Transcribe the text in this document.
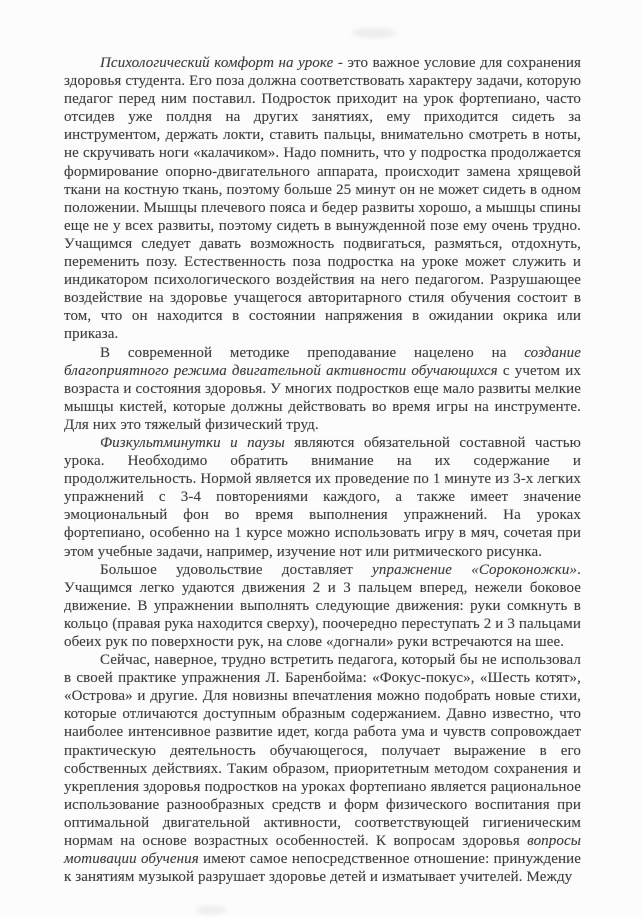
Психологический комфорт на уроке - это важное условие для сохранения здоровья студента. Его поза должна соответствовать характеру задачи, которую педагог перед ним поставил. Подросток приходит на урок фортепиано, часто отсидев уже полдня на других занятиях, ему приходится сидеть за инструментом, держать локти, ставить пальцы, внимательно смотреть в ноты, не скручивать ноги «калачиком». Надо помнить, что у подростка продолжается формирование опорно-двигательного аппарата, происходит замена хрящевой ткани на костную ткань, поэтому больше 25 минут он не может сидеть в одном положении. Мышцы плечевого пояса и бедер развиты хорошо, а мышцы спины еще не у всех развиты, поэтому сидеть в вынужденной позе ему очень трудно. Учащимся следует давать возможность подвигаться, размяться, отдохнуть, переменить позу. Естественность поза подростка на уроке может служить и индикатором психологического воздействия на него педагогом. Разрушающее воздействие на здоровье учащегося авторитарного стиля обучения состоит в том, что он находится в состоянии напряжения в ожидании окрика или приказа.

В современной методике преподавание нацелено на создание благоприятного режима двигательной активности обучающихся с учетом их возраста и состояния здоровья. У многих подростков еще мало развиты мелкие мышцы кистей, которые должны действовать во время игры на инструменте. Для них это тяжелый физический труд.

Физкультминутки и паузы являются обязательной составной частью урока. Необходимо обратить внимание на их содержание и продолжительность. Нормой является их проведение по 1 минуте из 3-х легких упражнений с 3-4 повторениями каждого, а также имеет значение эмоциональный фон во время выполнения упражнений. На уроках фортепиано, особенно на 1 курсе можно использовать игру в мяч, сочетая при этом учебные задачи, например, изучение нот или ритмического рисунка.

Большое удовольствие доставляет упражнение «Сороконожки». Учащимся легко удаются движения 2 и 3 пальцем вперед, нежели боковое движение. В упражнении выполнять следующие движения: руки сомкнуть в кольцо (правая рука находится сверху), поочередно переступать 2 и 3 пальцами обеих рук по поверхности рук, на слове «догнали» руки встречаются на шее.

Сейчас, наверное, трудно встретить педагога, который бы не использовал в своей практике упражнения Л. Баренбойма: «Фокус-покус», «Шесть котят», «Острова» и другие. Для новизны впечатления можно подобрать новые стихи, которые отличаются доступным образным содержанием. Давно известно, что наиболее интенсивное развитие идет, когда работа ума и чувств сопровождает практическую деятельность обучающегося, получает выражение в его собственных действиях. Таким образом, приоритетным методом сохранения и укрепления здоровья подростков на уроках фортепиано является рациональное использование разнообразных средств и форм физического воспитания при оптимальной двигательной активности, соответствующей гигиеническим нормам на основе возрастных особенностей. К вопросам здоровья вопросы мотивации обучения имеют самое непосредственное отношение: принуждение к занятиям музыкой разрушает здоровье детей и изматывает учителей. Между
